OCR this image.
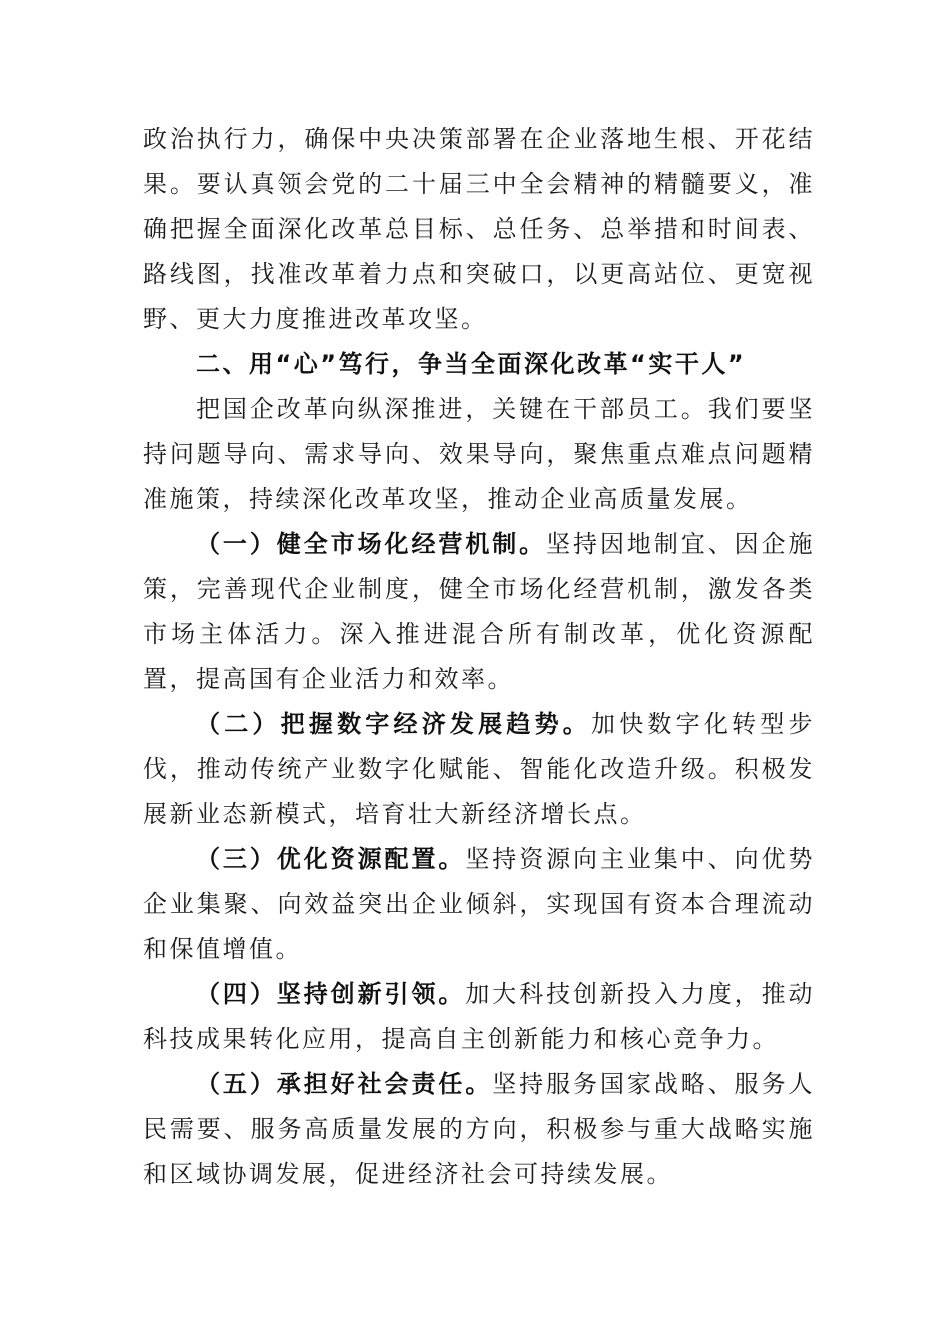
政治执行力，确保中央决策部署在企业落地生根、开花结果。要认真领会党的二十届三中全会精神的精髓要义，准确把握全面深化改革总目标、总任务、总举措和时间表、路线图，找准改革着力点和突破口，以更高站位、更宽视野、更大力度推进改革攻坚。

二、用“心”笃行，争当全面深化改革“实干人”

把国企改革向纵深推进，关键在干部员工。我们要坚持问题导向、需求导向、效果导向，聚焦重点难点问题精准施策，持续深化改革攻坚，推动企业高质量发展。

（一）健全市场化经营机制。坚持因地制宜、因企施策，完善现代企业制度，健全市场化经营机制，激发各类市场主体活力。深入推进混合所有制改革，优化资源配置，提高国有企业活力和效率。

（二）把握数字经济发展趋势。加快数字化转型步伐，推动传统产业数字化赋能、智能化改造升级。积极发展新业态新模式，培育壮大新经济增长点。

（三）优化资源配置。坚持资源向主业集中、向优势企业集聚、向效益突出企业倾斜，实现国有资本合理流动和保值增值。

（四）坚持创新引领。加大科技创新投入力度，推动科技成果转化应用，提高自主创新能力和核心竞争力。

（五）承担好社会责任。坚持服务国家战略、服务人民需要、服务高质量发展的方向，积极参与重大战略实施和区域协调发展，促进经济社会可持续发展。
